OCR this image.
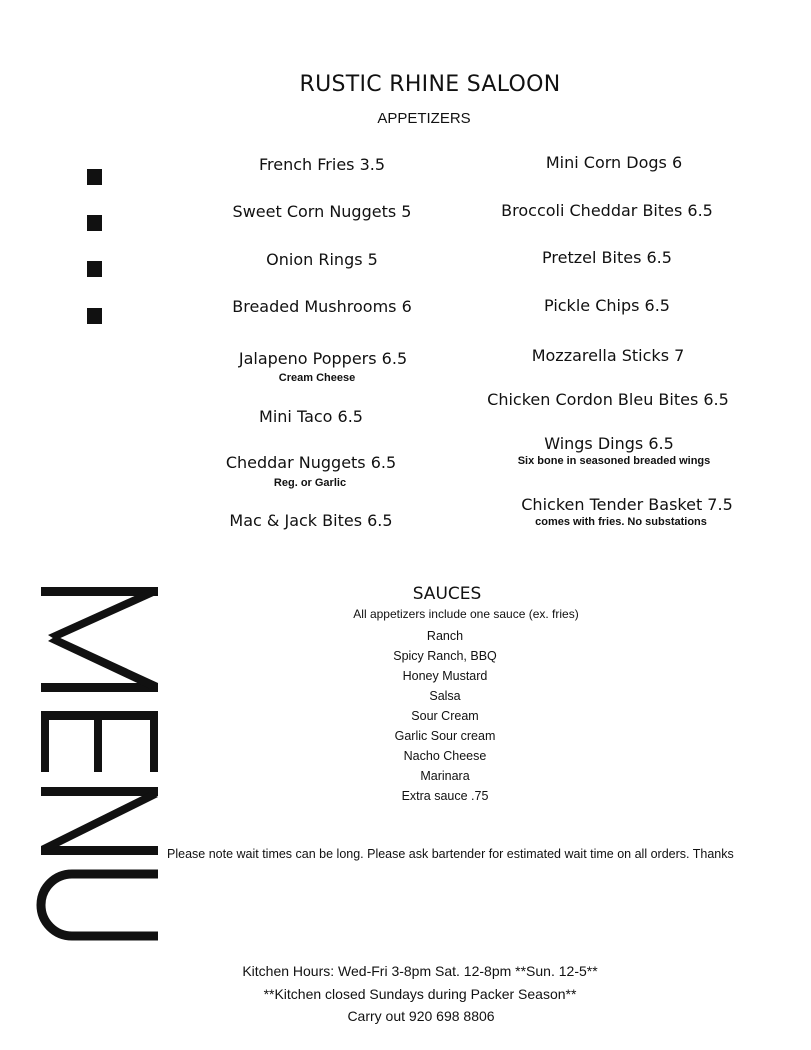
RUSTIC RHINE SALOON
APPETIZERS
French Fries 3.5
Sweet Corn Nuggets 5
Onion Rings 5
Breaded Mushrooms 6
Jalapeno Poppers 6.5
Cream Cheese
Mini Taco 6.5
Cheddar Nuggets 6.5
Reg. or Garlic
Mac & Jack Bites 6.5
Mini Corn Dogs 6
Broccoli Cheddar Bites 6.5
Pretzel Bites 6.5
Pickle Chips 6.5
Mozzarella Sticks 7
Chicken Cordon Bleu Bites 6.5
Wings Dings 6.5
Six bone in seasoned breaded wings
Chicken Tender Basket 7.5
comes with fries. No substations
SAUCES
All appetizers include one sauce (ex. fries)
Ranch
Spicy Ranch, BBQ
Honey Mustard
Salsa
Sour Cream
Garlic Sour cream
Nacho Cheese
Marinara
Extra sauce .75
Please note wait times can be long. Please ask bartender for estimated wait time on all orders. Thanks
Kitchen Hours: Wed-Fri 3-8pm Sat. 12-8pm **Sun. 12-5**
**Kitchen closed Sundays during Packer Season**
Carry out 920 698 8806
